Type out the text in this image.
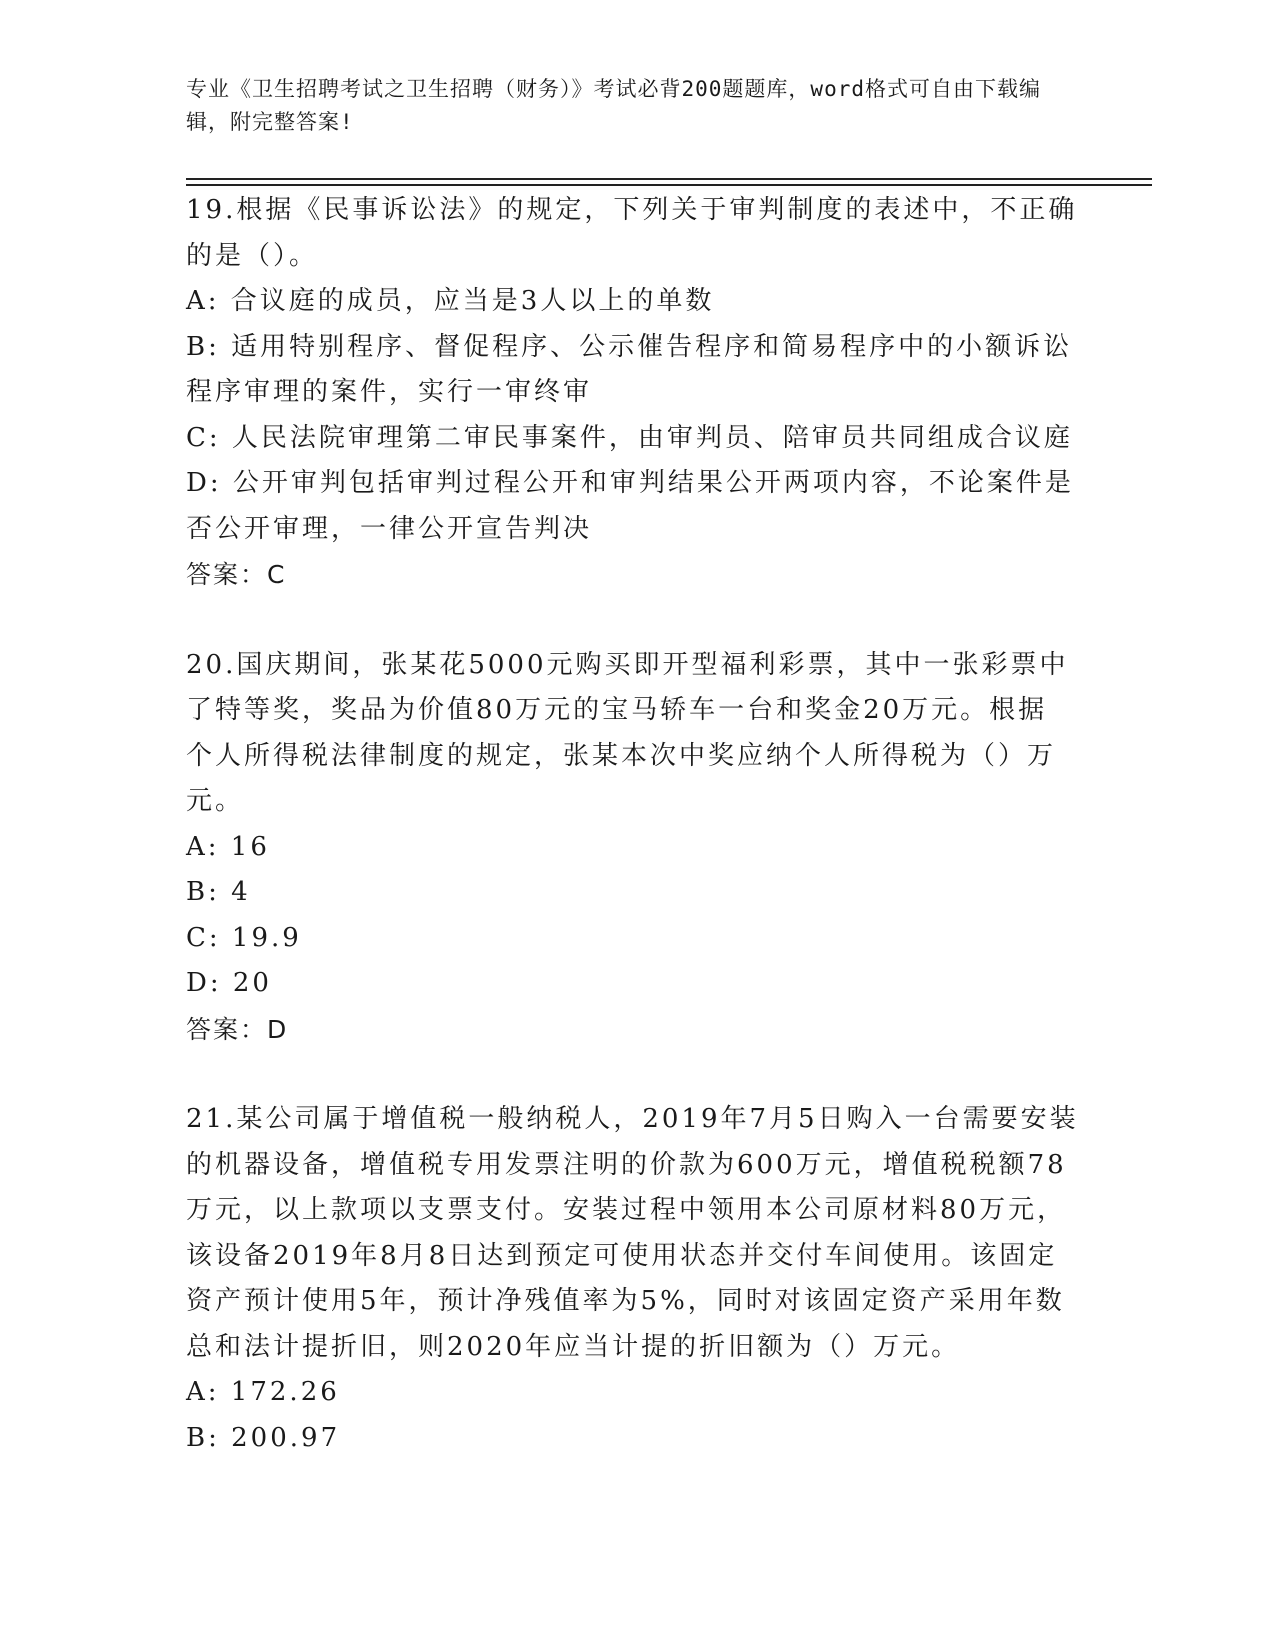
专业《卫生招聘考试之卫生招聘（财务）》考试必背200题题库，word格式可自由下载编辑，附完整答案!
19.根据《民事诉讼法》的规定，下列关于审判制度的表述中，不正确
的是（）。
A: 合议庭的成员，应当是3人以上的单数
B: 适用特别程序、督促程序、公示催告程序和简易程序中的小额诉讼
程序审理的案件，实行一审终审
C: 人民法院审理第二审民事案件，由审判员、陪审员共同组成合议庭
D: 公开审判包括审判过程公开和审判结果公开两项内容，不论案件是
否公开审理，一律公开宣告判决
答案：C
20.国庆期间，张某花5000元购买即开型福利彩票，其中一张彩票中
了特等奖，奖品为价值80万元的宝马轿车一台和奖金20万元。根据
个人所得税法律制度的规定，张某本次中奖应纳个人所得税为（）万
元。
A: 16
B: 4
C: 19.9
D: 20
答案：D
21.某公司属于增值税一般纳税人，2019年7月5日购入一台需要安装
的机器设备，增值税专用发票注明的价款为600万元，增值税税额78
万元，以上款项以支票支付。安装过程中领用本公司原材料80万元，
该设备2019年8月8日达到预定可使用状态并交付车间使用。该固定
资产预计使用5年，预计净残值率为5%，同时对该固定资产采用年数
总和法计提折旧，则2020年应当计提的折旧额为（）万元。
A: 172.26
B: 200.97
